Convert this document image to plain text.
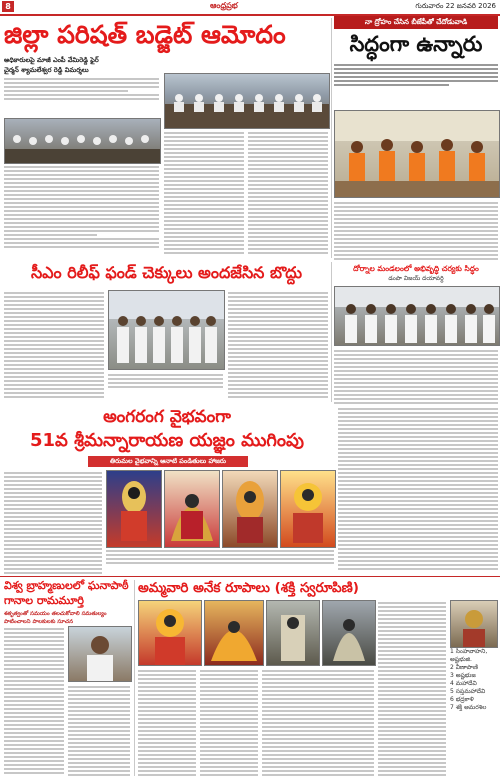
8	ఆంధ్రప్రభ	గురువారం 22 జనవరి 2026
జిల్లా పరిషత్ బడ్జెట్ ఆమోదం
అధికారులపై మాజీ ఎంపీ వేమిరెడ్డి ఫైర్
చైర్మన్ శ్యామలేశ్వర రెడ్డి విమర్శలు
నా ద్రోహం చేసిన బీజేపీతో చేదోడువాడి
సిద్ధంగా ఉన్నారు
సీఎం రిలీఫ్ ఫండ్ చెక్కులు అందజేసిన బొద్దు	దోర్నాల మండలంలో అభివృద్ధి చర్యకు సిద్ధం
డంపా విజయ్ దయావర్ధి
అంగరంగ వైభవంగా
51వ శ్రీమన్నారాయణ యజ్ఞం ముగింపు
తిరుమల వైభవాన్ని ఆనాటి పండితులు హాజరు
విశ్వ బ్రాహ్మణులలో ఘనాపాఠీ గానాల రామమూర్తి
శతృత్వంతో సమయం తలచుకోవాలి సమతుల్యం పాటించాలని పాలకులకు సూచన
అమ్మవారి అనేక రూపాలు (శక్తి స్వరూపిణి)
1 సింహవాహని, అష్టభుజి.
2 వీణాపాణి
3 అష్టభుజ
4 మహాదేవి
5 సప్తమహాదేవి
6 భద్రకాళి
7 శక్తి అమరశిల
